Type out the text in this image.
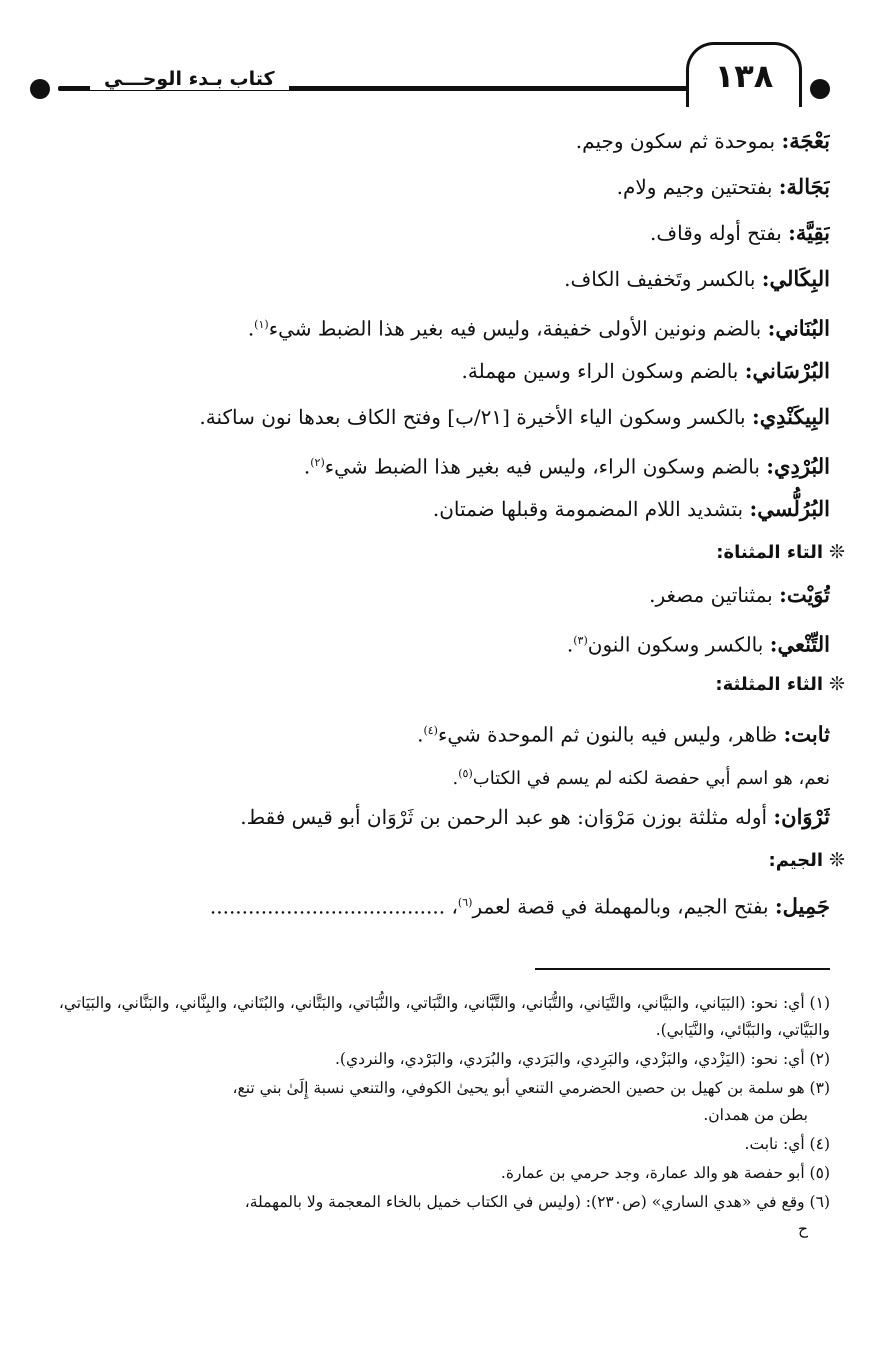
١٣٨
كتاب بـدء الوحـــي
بَعْجَة: بموحدة ثم سكون وجيم.
بَجَالة: بفتحتين وجيم ولام.
بَقِيَّة: بفتح أوله وقاف.
البِكَالي: بالكسر وتَخفيف الكاف.
البُنَاني: بالضم ونونين الأولى خفيفة، وليس فيه بغير هذا الضبط شيء$^{(١)}$.
البُرْسَاني: بالضم وسكون الراء وسين مهملة.
البِيكَنْدِي: بالكسر وسكون الياء الأخيرة [٢١/ب] وفتح الكاف بعدها نون ساكنة.
البُرْدِي: بالضم وسكون الراء، وليس فيه بغير هذا الضبط شيء$^{(٢)}$.
البُرُلُّسي: بتشديد اللام المضمومة وقبلها ضمتان.
❊التاء المثناة:
تُوَيْت: بمثناتين مصغر.
التِّنْعي: بالكسر وسكون النون$^{(٣)}$.
❊الثاء المثلثة:
ثابت: ظاهر، وليس فيه بالنون ثم الموحدة شيء$^{(٤)}$.
نعم، هو اسم أبي حفصة لكنه لم يسم في الكتاب$^{(٥)}$.
ثَرْوَان: أوله مثلثة بوزن مَرْوَان: هو عبد الرحمن بن ثَرْوَان أبو قيس فقط.
❊الجيم:
جَمِيل: بفتح الجيم، وبالمهملة في قصة لعمر$^{(٦)}$، .....................................
(١) أي: نحو: (البَيَاني، والبَيَّاني، والتَّيَاني، والتُّبَاني، والتَّبَّاني، والنَّبَاتي، والنُّبَاتي، والبَتَّاني، والبُتَاني، والبِنَّاني، والبَنَّاني، والبَيَاتي، والبَيَّاتي، والبَبَّائي، والنَّيَابي).
(٢) أي: نحو: (اليَزْدي، والبَزْدي، والبَرِدي، والبَرَدي، والبُرَدي، والبَرْدي، والنردي).
(٣) هو سلمة بن كهيل بن حصين الحضرمي التنعي أبو يحيىٰ الكوفي، والتنعي نسبة إِلَىٰ بني تنع،
بطن من همدان.
(٤) أي: نابت.
(٥) أبو حفصة هو والد عمارة، وجد حرمي بن عمارة.
(٦) وقع في «هدي الساري» (ص٢٣٠): (وليس في الكتاب خميل بالخاء المعجمة ولا بالمهملة،
ح
